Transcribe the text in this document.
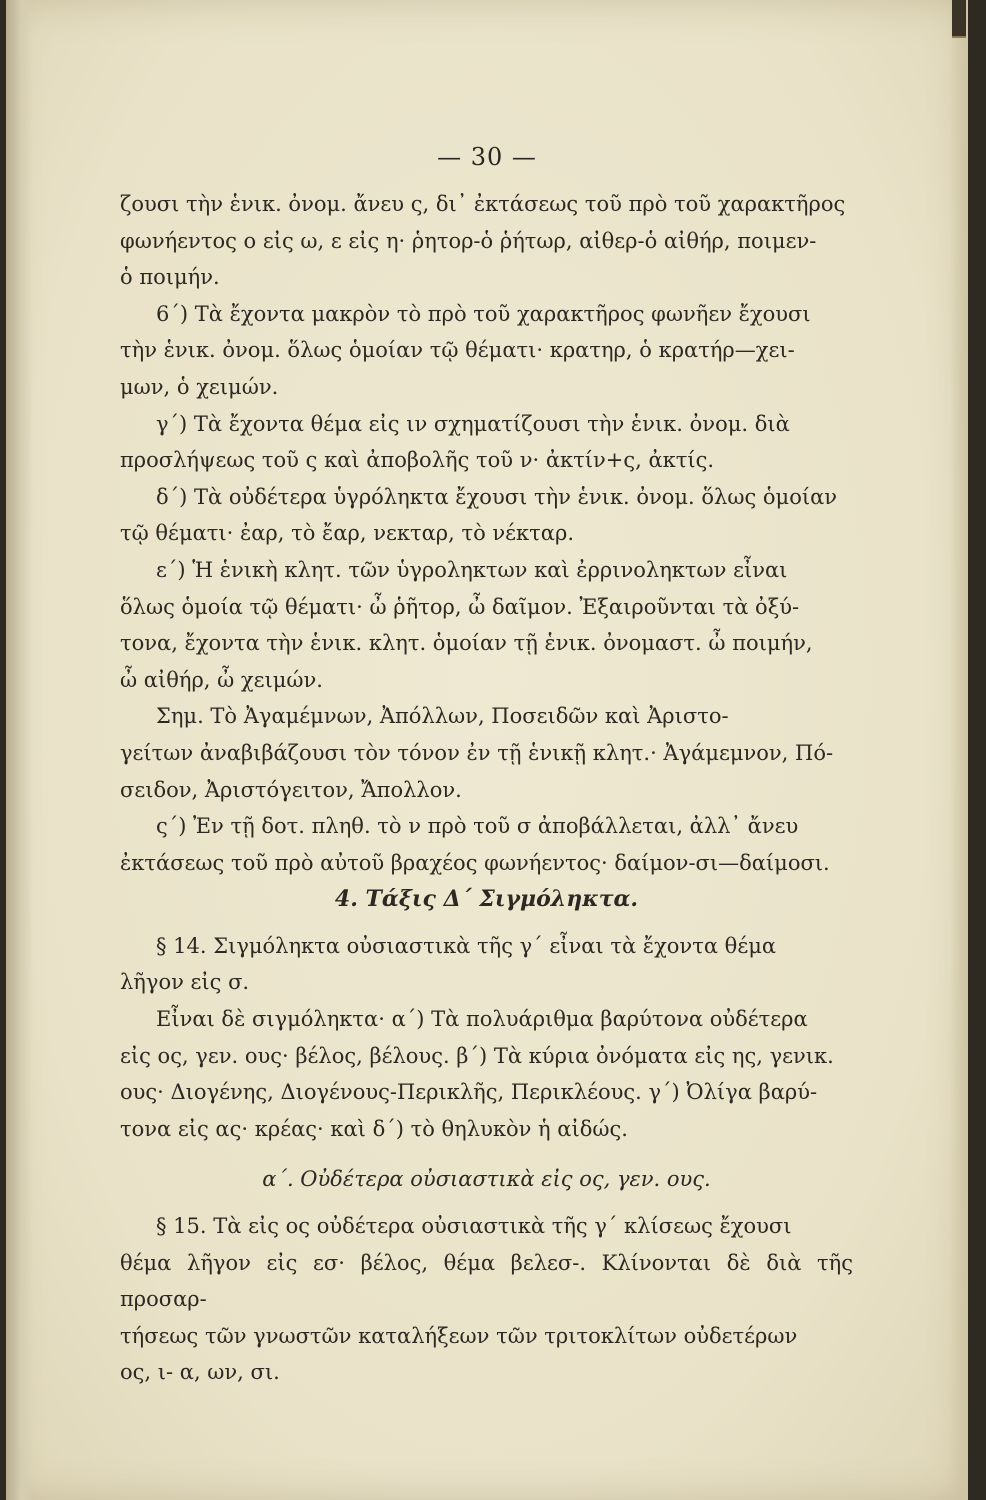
— 30 —

ζουσι τὴν ἑνικ. ὀνομ. ἄνευ ς, δι᾽ ἐκτάσεως τοῦ πρὸ τοῦ χαρακτῆρος

φωνήεντος ο εἰς ω, ε εἰς η· ῥητορ-ὁ ῥήτωρ, αἰθερ-ὁ αἰθήρ, ποιμεν-

ὁ ποιμήν.

6΄) Τὰ ἔχοντα μακρὸν τὸ πρὸ τοῦ χαρακτῆρος φωνῆεν ἔχουσι

τὴν ἑνικ. ὀνομ. ὅλως ὁμοίαν τῷ θέματι· κρατηρ, ὁ κρατήρ—χει-

μων, ὁ χειμών.

γ΄) Τὰ ἔχοντα θέμα εἰς ιν σχηματίζουσι τὴν ἑνικ. ὀνομ. διὰ

προσλήψεως τοῦ ς καὶ ἀποβολῆς τοῦ ν· ἀκτίν+ς, ἀκτίς.

δ΄) Τὰ οὐδέτερα ὑγρόληκτα ἔχουσι τὴν ἑνικ. ὀνομ. ὅλως ὁμοίαν

τῷ θέματι· ἐαρ, τὸ ἔαρ, νεκταρ, τὸ νέκταρ.

ε΄) Ἡ ἑνικὴ κλητ. τῶν ὑγροληκτων καὶ ἐρρινοληκτων εἶναι

ὅλως ὁμοία τῷ θέματι· ὦ ῥῆτορ, ὦ δαῖμον. Ἐξαιροῦνται τὰ ὀξύ-

τονα, ἔχοντα τὴν ἑνικ. κλητ. ὁμοίαν τῇ ἑνικ. ὀνομαστ. ὦ ποιμήν,

ὦ αἰθήρ, ὦ χειμών.

Σημ. Τὸ Ἀγαμέμνων, Ἀπόλλων, Ποσειδῶν καὶ Ἀριστο-

γείτων ἀναβιβάζουσι τὸν τόνον ἐν τῇ ἑνικῇ κλητ.· Ἀγάμεμνον, Πό-

σειδον, Ἀριστόγειτον, Ἄπολλον.

ς΄) Ἐν τῇ δοτ. πληθ. τὸ ν πρὸ τοῦ σ ἀποβάλλεται, ἀλλ᾽ ἄνευ

ἐκτάσεως τοῦ πρὸ αὐτοῦ βραχέος φωνήεντος· δαίμον-σι—δαίμοσι.

4. Τάξις Δ΄ Σιγμόληκτα.

§ 14. Σιγμόληκτα οὐσιαστικὰ τῆς γ΄ εἶναι τὰ ἔχοντα θέμα

λῆγον εἰς σ.

Εἶναι δὲ σιγμόληκτα· α΄) Τὰ πολυάριθμα βαρύτονα οὐδέτερα

εἰς ος, γεν. ους· βέλος, βέλους. β΄) Τὰ κύρια ὀνόματα εἰς ης, γενικ.

ους· Διογένης, Διογένους-Περικλῆς, Περικλέους. γ΄) Ὀλίγα βαρύ-

τονα εἰς ας· κρέας· καὶ δ΄) τὸ θηλυκὸν ἡ αἰδώς.

α΄. Οὐδέτερα οὐσιαστικὰ εἰς ος, γεν. ους.

§ 15. Τὰ εἰς ος οὐδέτερα οὐσιαστικὰ τῆς γ΄ κλίσεως ἔχουσι

θέμα λῆγον εἰς εσ· βέλος, θέμα βελεσ-. Κλίνονται δὲ διὰ τῆς προσαρ-

τήσεως τῶν γνωστῶν καταλήξεων τῶν τριτοκλίτων οὐδετέρων

ος, ι- α, ων, σι.
